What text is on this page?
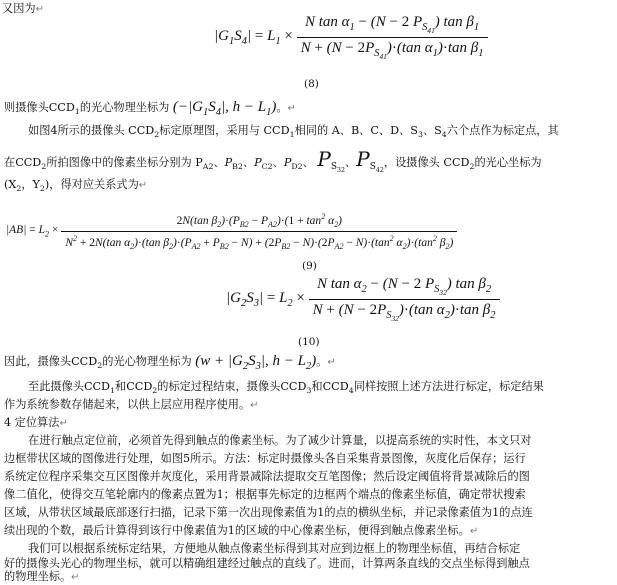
又因为↵
$|G_1S_4| = L_1 \times \frac{N \tan \alpha_1 - (N - 2 P_{S_{41}}) \tan \beta_1}{N + (N - 2P_{S_{41}})\cdot(\tan \alpha_1)\cdot\tan \beta_1}$
(8)
则摄像头$CCD_1$的光心物理坐标为 ($-|G_1S_4|$, $h - L_1$)。↵
如图4所示的摄像头 $CCD_2$标定原理图，采用与 $CCD_1$相同的 A、B、C、D、$S_3$、$S_4$六个点作为标定点，其
在$CCD_2$所拍图像中的像素坐标分别为 $P_{A2}$、$P_{B2}$、$P_{C2}$、$P_{D2}$、 $P_{S_{32}}$、$P_{S_{42}}$，设摄像头 $CCD_2$的光心坐标为
($X_2$，$Y_2$)，得对应关系式为↵
$|AB| = L_2$ ×
2N(tan $\beta_2)\cdot(P_{B2} - P_{A2})\cdot(1 + \tan^2 \alpha_2)$
$N^2 + 2N(\tan$ $\alpha_2)\cdot(\tan$ $\beta_2)\cdot(P_{A2} + P_{B2} - N) + (2P_{B2} - N)\cdot(2P_{A2} - N)\cdot(\tan^2$ $\alpha_2)\cdot(\tan^2$ $\beta_2$)
(9)
$|G_2S_3| = L_2 \times \frac{N \tan \alpha_2 - (N - 2 P_{S_{32}}) \tan \beta_2}{N + (N - 2P_{S_{32}})\cdot(\tan \alpha_2)\cdot\tan \beta_2}$
(10)
因此，摄像头$CCD_2$的光心物理坐标为 ($w + |G_2S_3|$, $h - L_2$)。↵
至此摄像头$CCD_1$和$CCD_2$的标定过程结束，摄像头$CCD_3$和$CCD_4$同样按照上述方法进行标定，标定结果
作为系统参数存储起来，以供上层应用程序使用。↵
4 定位算法↵
在进行触点定位前，必须首先得到触点的像素坐标。为了减少计算量，以提高系统的实时性，本文只对
边框带状区域的图像进行处理，如图5所示。方法：标定时摄像头各自采集背景图像，灰度化后保存；运行
系统定位程序采集交互区图像并灰度化，采用背景减除法提取交互笔图像；然后设定阈值将背景减除后的图
像二值化，使得交互笔轮廓内的像素点置为1；根据事先标定的边框两个端点的像素坐标值，确定带状搜索
区域，从带状区域最底部逐行扫描，记录下第一次出现像素值为1的点的横纵坐标，并记录像素值为1的点连
续出现的个数，最后计算得到该行中像素值为1的区域的中心像素坐标，便得到触点像素坐标。↵
我们可以根据系统标定结果，方便地从触点像素坐标得到其对应到边框上的物理坐标值，再结合标定
好的摄像头光心的物理坐标，就可以精确组建经过触点的直线了。进而，计算两条直线的交点坐标得到触点
的物理坐标。↵
